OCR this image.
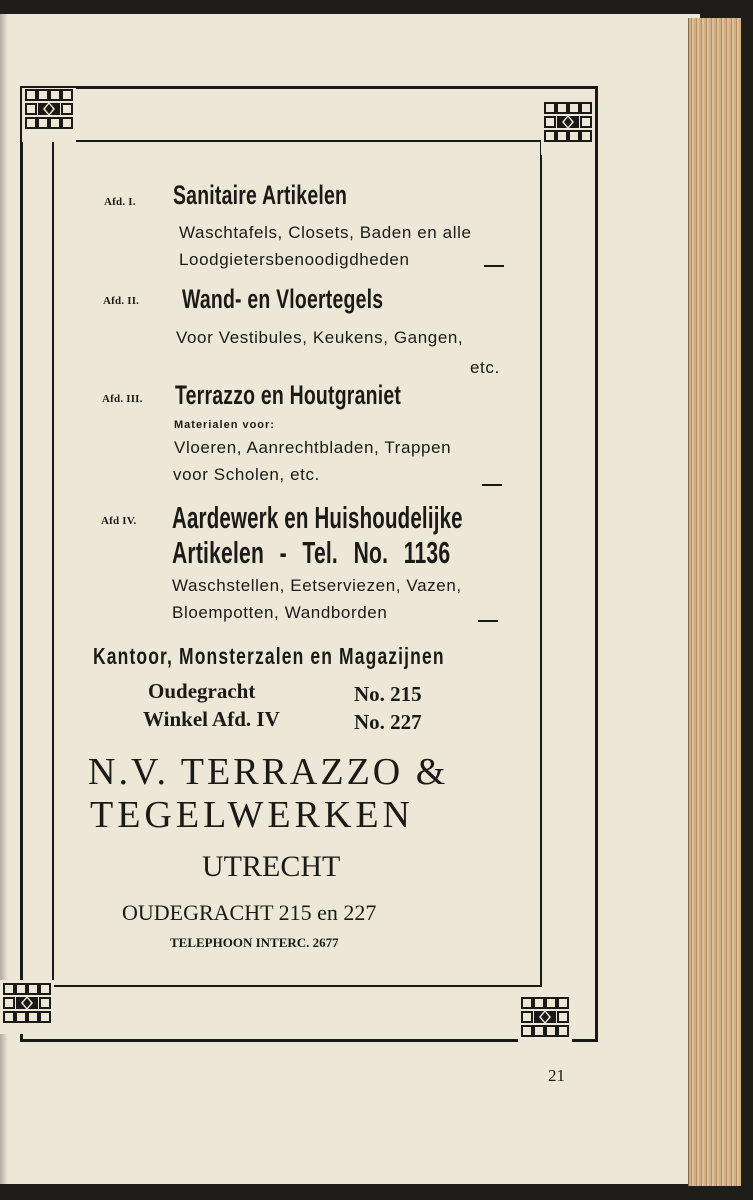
Afd. I. Sanitaire Artikelen
Waschtafels, Closets, Baden en alle
Loodgietersbenoodigdheden
Afd. II. Wand- en Vloertegels
Voor Vestibules, Keukens, Gangen,
etc.
Afd. III. Terrazzo en Houtgraniet
Materialen voor:
Vloeren, Aanrechtbladen, Trappen
voor Scholen, etc.
Afd IV. Aardewerk en Huishoudelijke
Artikelen - Tel. No. 1136
Waschstellen, Eetserviezen, Vazen,
Bloempotten, Wandborden
Kantoor, Monsterzalen en Magazijnen
Oudegracht	No. 215
Winkel Afd. IV	No. 227
N.V. TERRAZZO &
TEGELWERKEN
UTRECHT
OUDEGRACHT 215 en 227
TELEPHOON INTERC. 2677
21
